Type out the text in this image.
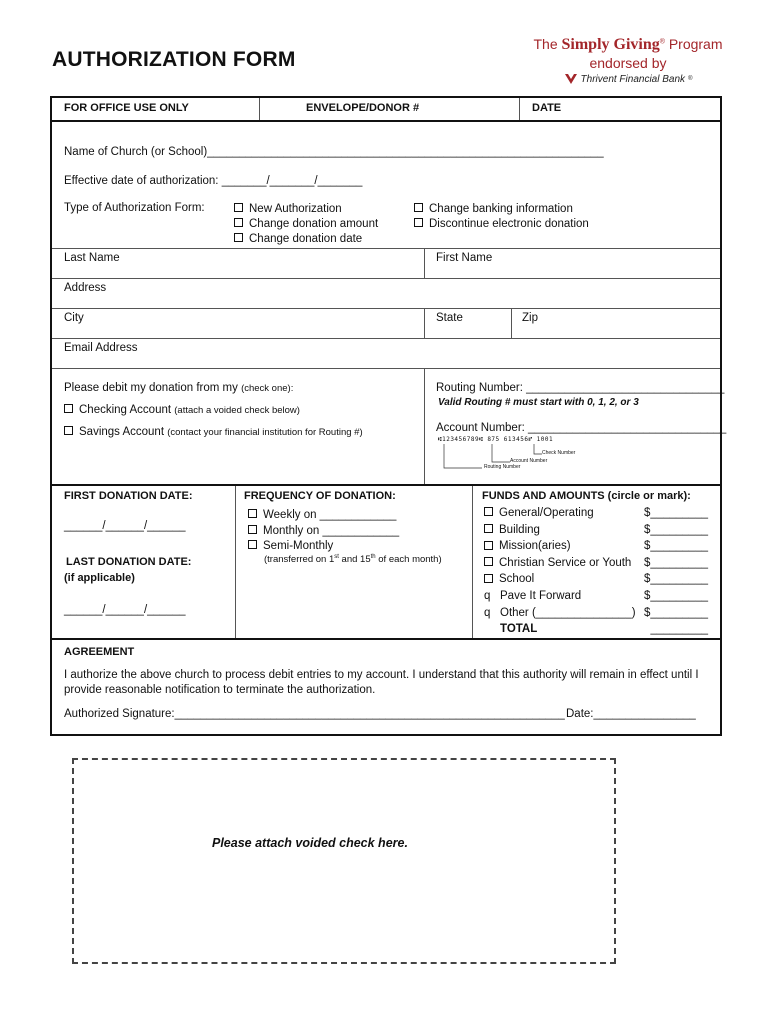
AUTHORIZATION FORM
The Simply Giving® Program
endorsed by
Thrivent Financial Bank ®
FOR OFFICE USE ONLY	ENVELOPE/DONOR #	DATE
Name of Church (or School)______________________________________________________________
Effective date of authorization: _______/_______/_______
Type of Authorization Form:	New Authorization
Change donation amount
Change donation date
Change banking information
Discontinue electronic donation
Last Name	First Name
Address
City	State	Zip
Email Address
Please debit my donation from my (check one):
Checking Account (attach a voided check below)
Savings Account (contact your financial institution for Routing #)
Routing Number: _______________________________
Valid Routing # must start with 0, 1, 2, or 3
Account Number: _______________________________
⑆123456789⑆ 875 613456⑈ 1001
Check Number
Account Number
Routing Number
FIRST DONATION DATE:
______/______/______
LAST DONATION DATE:
(if applicable)
______/______/______
FREQUENCY OF DONATION:
Weekly on ____________
Monthly on ____________
Semi-Monthly
(transferred on 1st and 15th of each month)
FUNDS AND AMOUNTS (circle or mark):
General/Operating	$_________
Building	$_________
Mission(aries)	$_________
Christian Service or Youth $_________
School	$_________
q Pave It Forward	$_________
q Other (_______________) $_________
TOTAL	_________
AGREEMENT
I authorize the above church to process debit entries to my account. I understand that this authority will remain in effect until I
provide reasonable notification to terminate the authorization.
Authorized Signature:_____________________________________________________________ Date:________________
Please attach voided check here.
